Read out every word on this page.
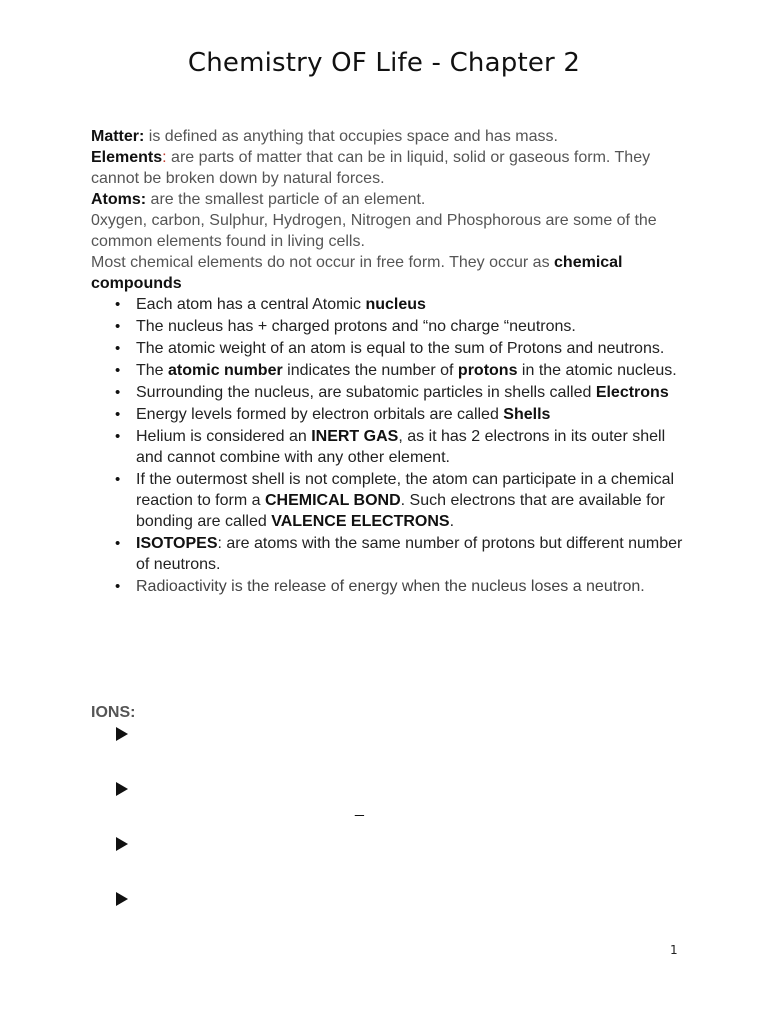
Chemistry OF Life - Chapter 2

Matter: is defined as anything that occupies space and has mass.

Elements: are parts of matter that can be in liquid, solid or gaseous form. They cannot be broken down by natural forces.

Atoms: are the smallest particle of an element.

0xygen, carbon, Sulphur, Hydrogen, Nitrogen and Phosphorous are some of the common elements found in living cells.

Most chemical elements do not occur in free form. They occur as chemical compounds

• Each atom has a central Atomic nucleus
• The nucleus has + charged protons and “no charge “neutrons.
• The atomic weight of an atom is equal to the sum of Protons and neutrons.
• The atomic number indicates the number of protons in the atomic nucleus.
• Surrounding the nucleus, are subatomic particles in shells called Electrons
• Energy levels formed by electron orbitals are called Shells
• Helium is considered an INERT GAS, as it has 2 electrons in its outer shell and cannot combine with any other element.
• If the outermost shell is not complete, the atom can participate in a chemical reaction to form a CHEMICAL BOND. Such electrons that are available for bonding are called VALENCE ELECTRONS.
• ISOTOPES: are atoms with the same number of protons but different number of neutrons.
• Radioactivity is the release of energy when the nucleus loses a neutron.
IONS:
_
1
